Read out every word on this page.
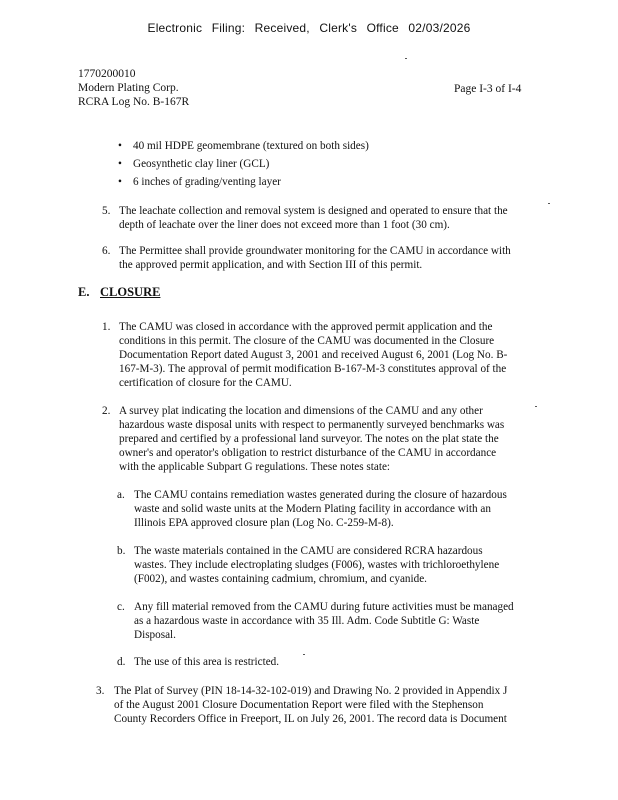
Electronic Filing: Received, Clerk's Office 02/03/2026
1770200010
Modern Plating Corp.
RCRA Log No. B-167R
Page I-3 of I-4
• 40 mil HDPE geomembrane (textured on both sides)
• Geosynthetic clay liner (GCL)
• 6 inches of grading/venting layer
5. The leachate collection and removal system is designed and operated to ensure that the
depth of leachate over the liner does not exceed more than 1 foot (30 cm).
6. The Permittee shall provide groundwater monitoring for the CAMU in accordance with
the approved permit application, and with Section III of this permit.
E. CLOSURE
1. The CAMU was closed in accordance with the approved permit application and the
conditions in this permit. The closure of the CAMU was documented in the Closure
Documentation Report dated August 3, 2001 and received August 6, 2001 (Log No. B-
167-M-3). The approval of permit modification B-167-M-3 constitutes approval of the
certification of closure for the CAMU.
2. A survey plat indicating the location and dimensions of the CAMU and any other
hazardous waste disposal units with respect to permanently surveyed benchmarks was
prepared and certified by a professional land surveyor. The notes on the plat state the
owner's and operator's obligation to restrict disturbance of the CAMU in accordance
with the applicable Subpart G regulations. These notes state:
a. The CAMU contains remediation wastes generated during the closure of hazardous
waste and solid waste units at the Modern Plating facility in accordance with an
Illinois EPA approved closure plan (Log No. C-259-M-8).
b. The waste materials contained in the CAMU are considered RCRA hazardous
wastes. They include electroplating sludges (F006), wastes with trichloroethylene
(F002), and wastes containing cadmium, chromium, and cyanide.
c. Any fill material removed from the CAMU during future activities must be managed
as a hazardous waste in accordance with 35 Ill. Adm. Code Subtitle G: Waste
Disposal.
d. The use of this area is restricted.
3. The Plat of Survey (PIN 18-14-32-102-019) and Drawing No. 2 provided in Appendix J
of the August 2001 Closure Documentation Report were filed with the Stephenson
County Recorders Office in Freeport, IL on July 26, 2001. The record data is Document
